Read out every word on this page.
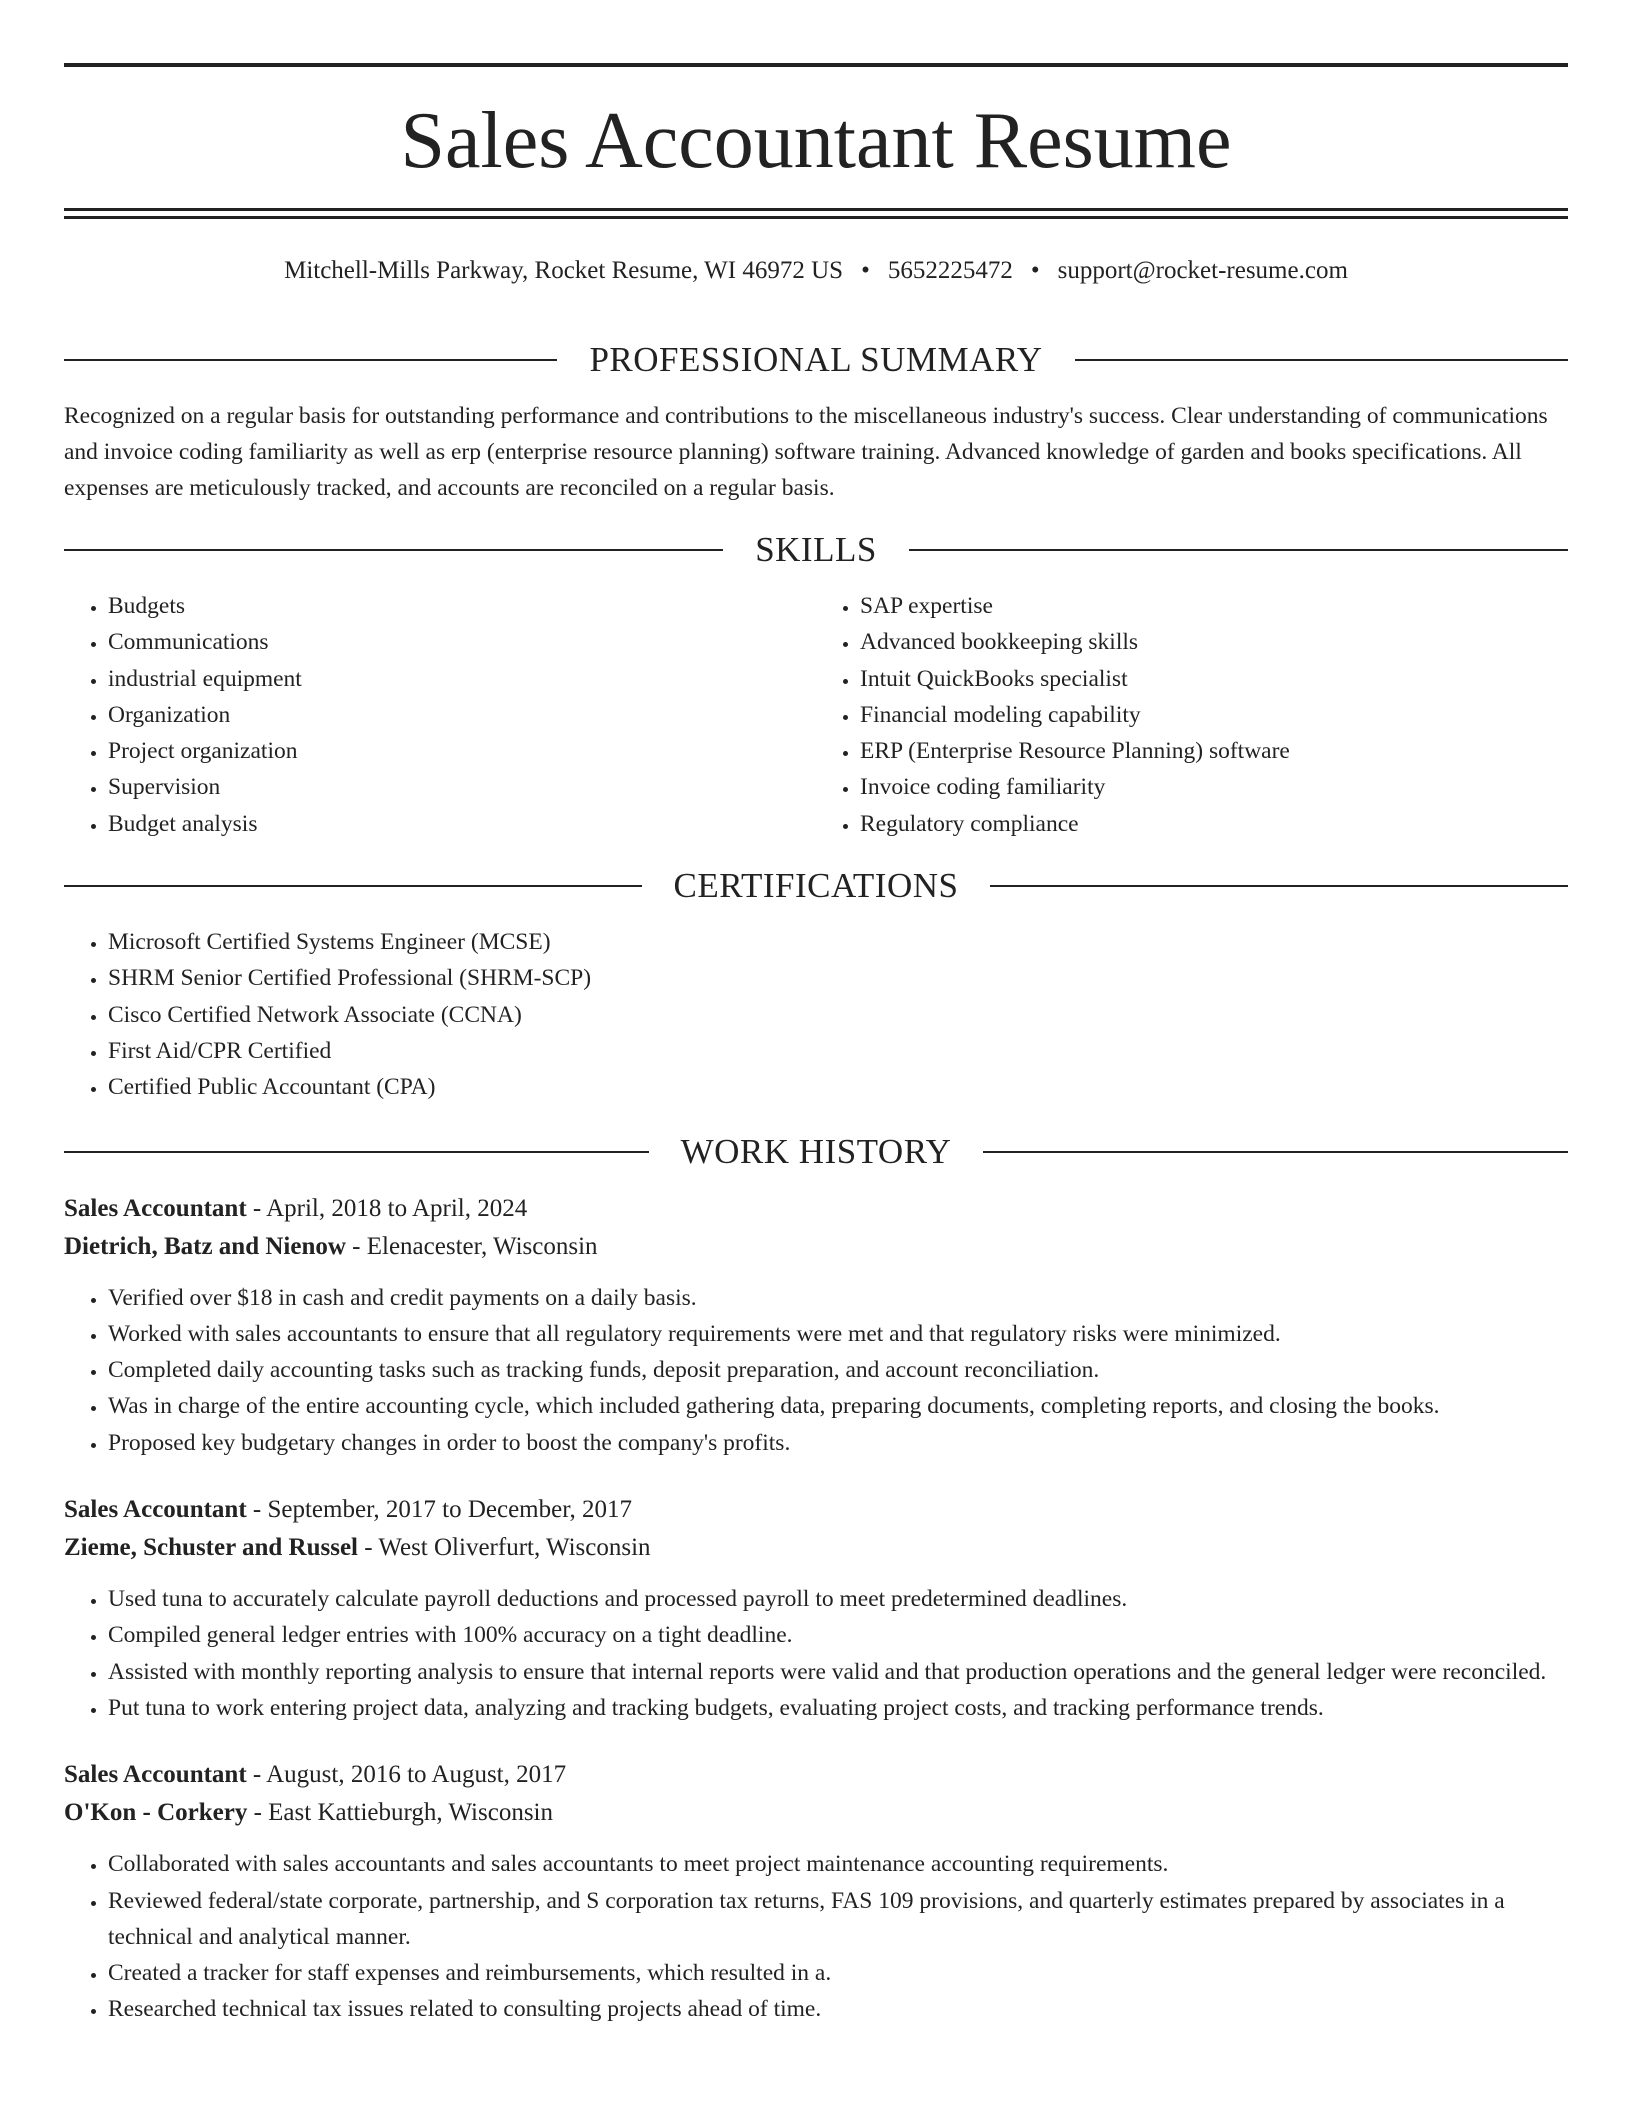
Sales Accountant Resume
Mitchell-Mills Parkway, Rocket Resume, WI 46972 US • 5652225472 • support@rocket-resume.com
PROFESSIONAL SUMMARY

Recognized on a regular basis for outstanding performance and contributions to the miscellaneous industry's success. Clear understanding of communications and invoice coding familiarity as well as erp (enterprise resource planning) software training. Advanced knowledge of garden and books specifications. All expenses are meticulously tracked, and accounts are reconciled on a regular basis.

SKILLS
• Budgets
• Communications
• industrial equipment
• Organization
• Project organization
• Supervision
• Budget analysis
• SAP expertise
• Advanced bookkeeping skills
• Intuit QuickBooks specialist
• Financial modeling capability
• ERP (Enterprise Resource Planning) software
• Invoice coding familiarity
• Regulatory compliance
CERTIFICATIONS
• Microsoft Certified Systems Engineer (MCSE)
• SHRM Senior Certified Professional (SHRM-SCP)
• Cisco Certified Network Associate (CCNA)
• First Aid/CPR Certified
• Certified Public Accountant (CPA)
WORK HISTORY
Sales Accountant - April, 2018 to April, 2024
Dietrich, Batz and Nienow - Elenacester, Wisconsin
• Verified over $18 in cash and credit payments on a daily basis.
• Worked with sales accountants to ensure that all regulatory requirements were met and that regulatory risks were minimized.
• Completed daily accounting tasks such as tracking funds, deposit preparation, and account reconciliation.
• Was in charge of the entire accounting cycle, which included gathering data, preparing documents, completing reports, and closing the books.
• Proposed key budgetary changes in order to boost the company's profits.
Sales Accountant - September, 2017 to December, 2017
Zieme, Schuster and Russel - West Oliverfurt, Wisconsin
• Used tuna to accurately calculate payroll deductions and processed payroll to meet predetermined deadlines.
• Compiled general ledger entries with 100% accuracy on a tight deadline.
• Assisted with monthly reporting analysis to ensure that internal reports were valid and that production operations and the general ledger were reconciled.
• Put tuna to work entering project data, analyzing and tracking budgets, evaluating project costs, and tracking performance trends.
Sales Accountant - August, 2016 to August, 2017
O'Kon - Corkery - East Kattieburgh, Wisconsin
• Collaborated with sales accountants and sales accountants to meet project maintenance accounting requirements.
• Reviewed federal/state corporate, partnership, and S corporation tax returns, FAS 109 provisions, and quarterly estimates prepared by associates in a technical and analytical manner.
• Created a tracker for staff expenses and reimbursements, which resulted in a.
• Researched technical tax issues related to consulting projects ahead of time.
